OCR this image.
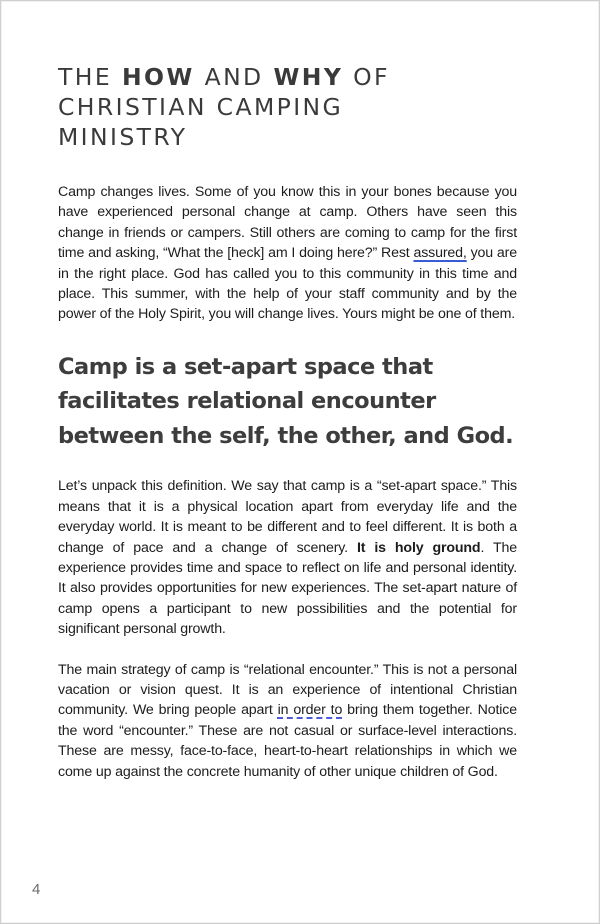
THE HOW AND WHY OF
CHRISTIAN CAMPING
MINISTRY

Camp changes lives. Some of you know this in your bones because you have experienced personal change at camp. Others have seen this change in friends or campers. Still others are coming to camp for the first time and asking, “What the [heck] am I doing here?” Rest assured, you are in the right place. God has called you to this community in this time and place. This summer, with the help of your staff community and by the power of the Holy Spirit, you will change lives. Yours might be one of them.

Camp is a set-apart space that
facilitates relational encounter
between the self, the other, and God.

Let’s unpack this definition. We say that camp is a “set-apart space.” This means that it is a physical location apart from everyday life and the everyday world. It is meant to be different and to feel different. It is both a change of pace and a change of scenery. It is holy ground. The experience provides time and space to reflect on life and personal identity. It also provides opportunities for new experiences. The set-apart nature of camp opens a participant to new possibilities and the potential for significant personal growth.

The main strategy of camp is “relational encounter.” This is not a personal vacation or vision quest. It is an experience of intentional Christian community. We bring people apart in order to bring them together. Notice the word “encounter.” These are not casual or surface-level interactions. These are messy, face-to-face, heart-to-heart relationships in which we come up against the concrete humanity of other unique children of God.

4
